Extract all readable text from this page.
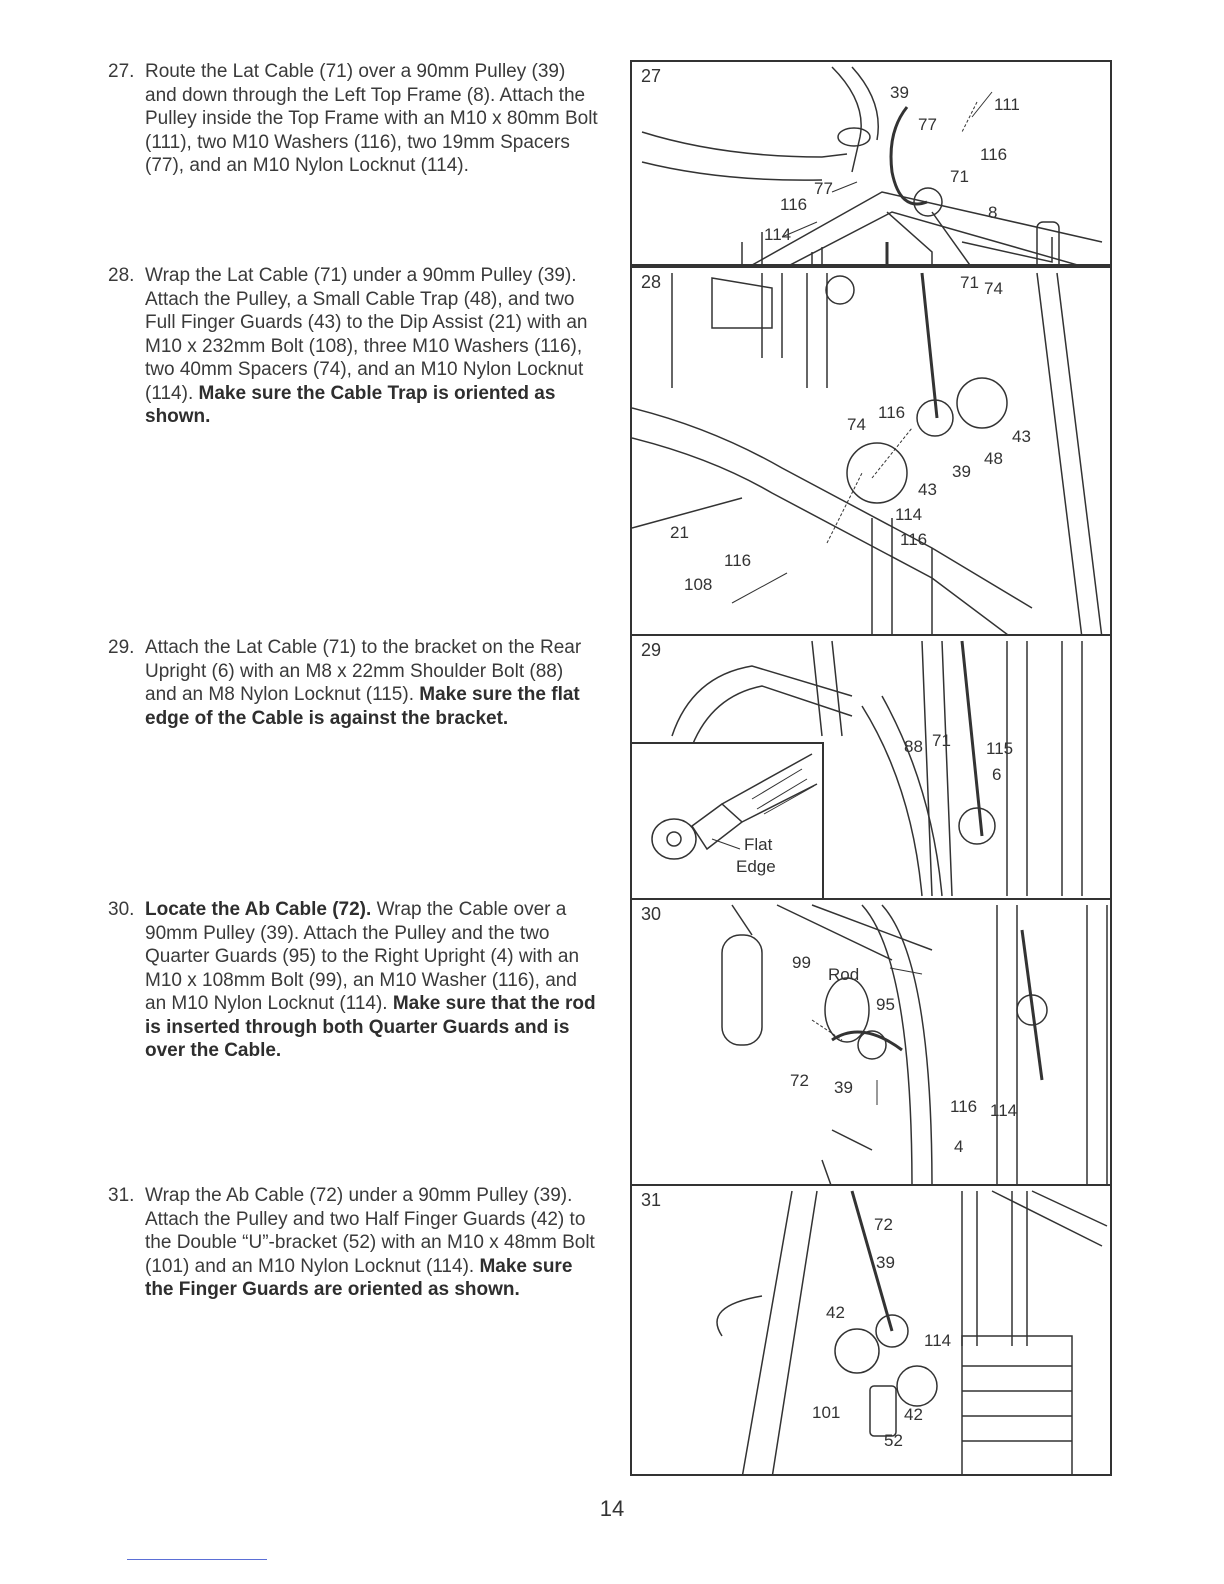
27. Route the Lat Cable (71) over a 90mm Pulley (39) and down through the Left Top Frame (8). Attach the Pulley inside the Top Frame with an M10 x 80mm Bolt (111), two M10 Washers (116), two 19mm Spacers (77), and an M10 Nylon Locknut (114).
28. Wrap the Lat Cable (71) under a 90mm Pulley (39). Attach the Pulley, a Small Cable Trap (48), and two Full Finger Guards (43) to the Dip Assist (21) with an M10 x 232mm Bolt (108), three M10 Washers (116), two 40mm Spacers (74), and an M10 Nylon Locknut (114). Make sure the Cable Trap is oriented as shown.
29. Attach the Lat Cable (71) to the bracket on the Rear Upright (6) with an M8 x 22mm Shoulder Bolt (88) and an M8 Nylon Locknut (115). Make sure the flat edge of the Cable is against the bracket.
30. Locate the Ab Cable (72). Wrap the Cable over a 90mm Pulley (39). Attach the Pulley and the two Quarter Guards (95) to the Right Upright (4) with an M10 x 108mm Bolt (99), an M10 Washer (116), and an M10 Nylon Locknut (114). Make sure that the rod is inserted through both Quarter Guards and is over the Cable.
31. Wrap the Ab Cable (72) under a 90mm Pulley (39). Attach the Pulley and two Half Finger Guards (42) to the Double “U”-bracket (52) with an M10 x 48mm Bolt (101) and an M10 Nylon Locknut (114). Make sure the Finger Guards are oriented as shown.
39
111
77
116
71
77
116	8
114
27
71 74
116
74
43
39
48
43
114
116
21
116
108
28
88 71 115
6
Flat
Edge
29
99
Rod
95
72 39
116 114
4
30
72
39
42
114
101	42
52
31
14
